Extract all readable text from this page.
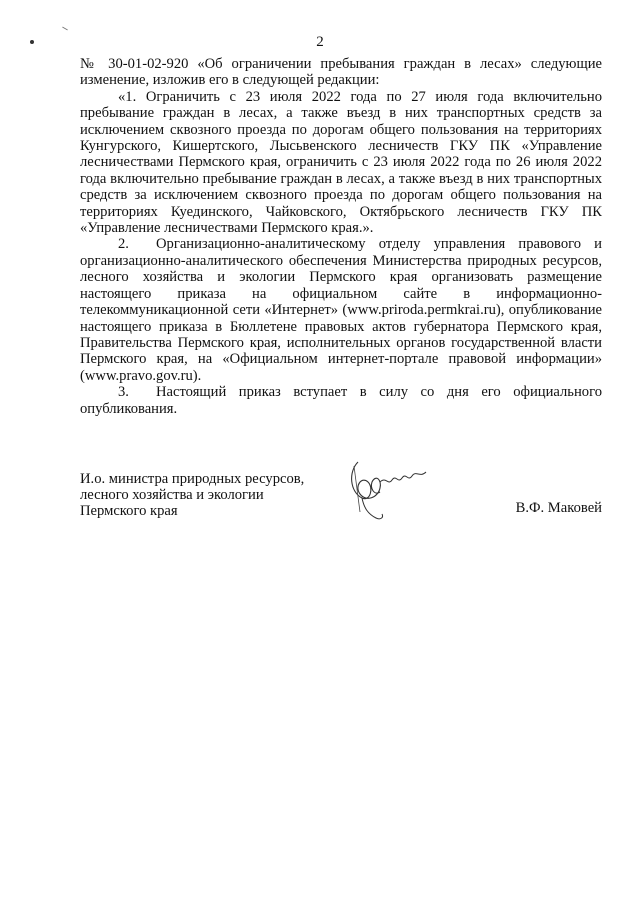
2

№ 30-01-02-920 «Об ограничении пребывания граждан в лесах» следующие изменение, изложив его в следующей редакции:

«1. Ограничить с 23 июля 2022 года по 27 июля года включительно пребывание граждан в лесах, а также въезд в них транспортных средств за исключением сквозного проезда по дорогам общего пользования на территориях Кунгурского, Кишертского, Лысьвенского лесничеств ГКУ ПК «Управление лесничествами Пермского края, ограничить с 23 июля 2022 года по 26 июля 2022 года включительно пребывание граждан в лесах, а также въезд в них транспортных средств за исключением сквозного проезда по дорогам общего пользования на территориях Куединского, Чайковского, Октябрьского лесничеств ГКУ ПК «Управление лесничествами Пермского края.».

2. Организационно-аналитическому отделу управления правового и организационно-аналитического обеспечения Министерства природных ресурсов, лесного хозяйства и экологии Пермского края организовать размещение настоящего приказа на официальном сайте в информационно-телекоммуникационной сети «Интернет» (www.priroda.permkrai.ru), опубликование настоящего приказа в Бюллетене правовых актов губернатора Пермского края, Правительства Пермского края, исполнительных органов государственной власти Пермского края, на «Официальном интернет-портале правовой информации» (www.pravo.gov.ru).

3. Настоящий приказ вступает в силу со дня его официального опубликования.

И.о. министра природных ресурсов,
лесного хозяйства и экологии
Пермского края	В.Ф. Маковей
